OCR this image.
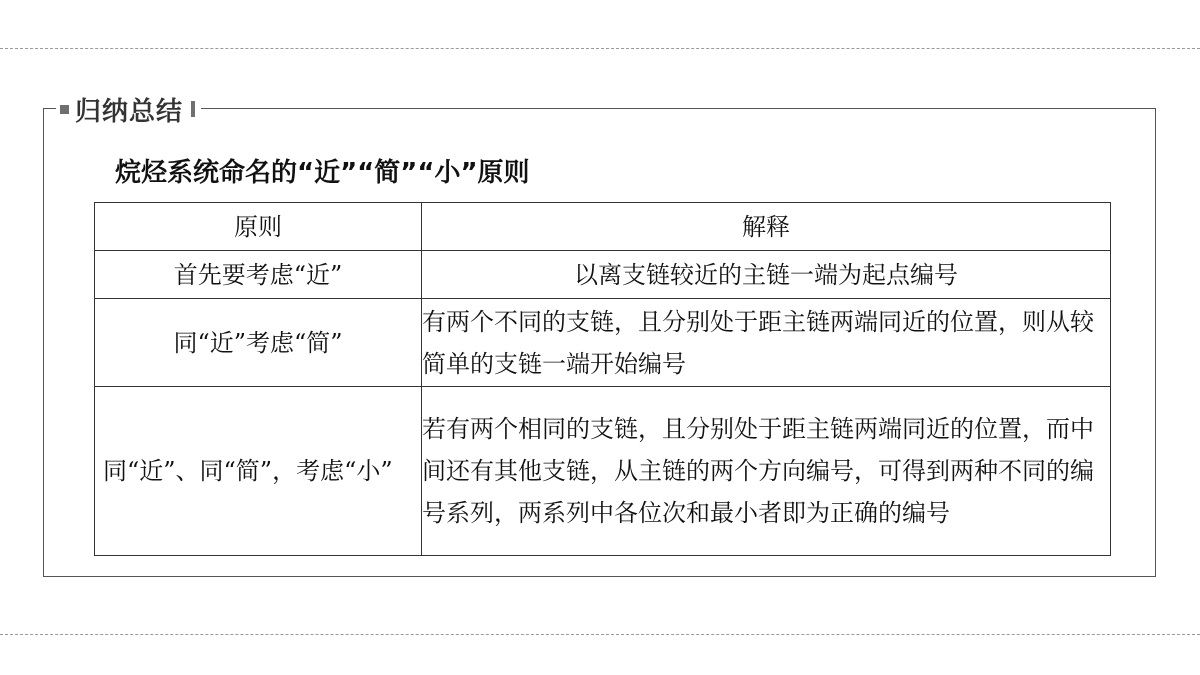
归纳总结
烷烃系统命名的“近”“简”“小”原则
原则	解释
首先要考虑“近”	以离支链较近的主链一端为起点编号
同“近”考虑“简”	有两个不同的支链，且分别处于距主链两端同近的位置，则从较简单的支链一端开始编号
同“近”、同“简”，考虑“小”	若有两个相同的支链，且分别处于距主链两端同近的位置，而中间还有其他支链，从主链的两个方向编号，可得到两种不同的编号系列，两系列中各位次和最小者即为正确的编号
